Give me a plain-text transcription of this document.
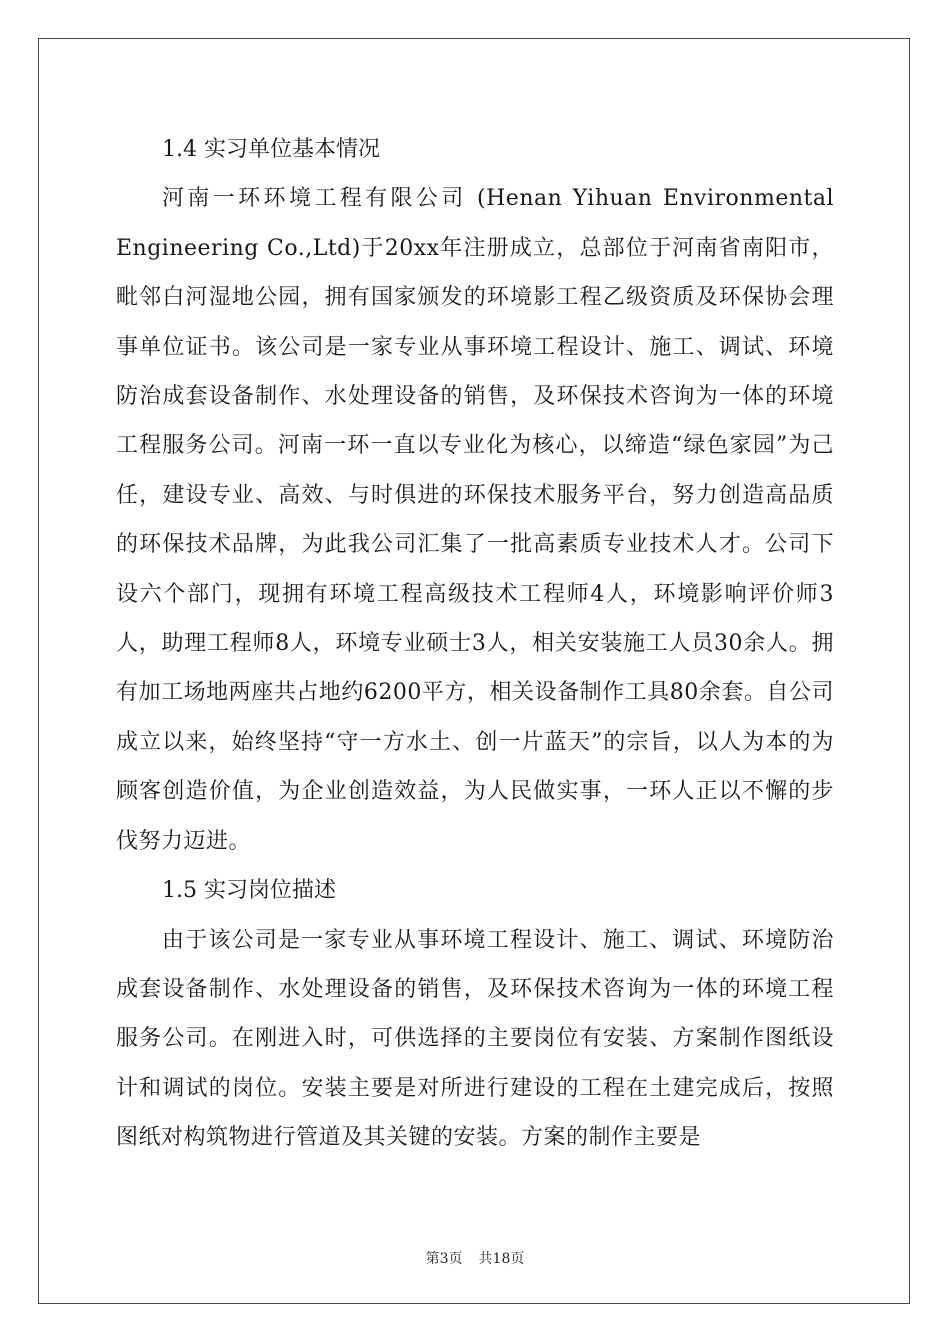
1.4 实习单位基本情况

河南一环环境工程有限公司 (Henan Yihuan Environmental Engineering Co.,Ltd)于20xx年注册成立，总部位于河南省南阳市，毗邻白河湿地公园，拥有国家颁发的环境影工程乙级资质及环保协会理事单位证书。该公司是一家专业从事环境工程设计、施工、调试、环境防治成套设备制作、水处理设备的销售，及环保技术咨询为一体的环境工程服务公司。河南一环一直以专业化为核心，以缔造“绿色家园”为己任，建设专业、高效、与时俱进的环保技术服务平台，努力创造高品质的环保技术品牌，为此我公司汇集了一批高素质专业技术人才。公司下设六个部门，现拥有环境工程高级技术工程师4人，环境影响评价师3人，助理工程师8人，环境专业硕士3人，相关安装施工人员30余人。拥有加工场地两座共占地约6200平方，相关设备制作工具80余套。自公司成立以来，始终坚持“守一方水土、创一片蓝天”的宗旨，以人为本的为顾客创造价值，为企业创造效益，为人民做实事，一环人正以不懈的步伐努力迈进。

1.5 实习岗位描述

由于该公司是一家专业从事环境工程设计、施工、调试、环境防治成套设备制作、水处理设备的销售，及环保技术咨询为一体的环境工程服务公司。在刚进入时，可供选择的主要岗位有安装、方案制作图纸设计和调试的岗位。安装主要是对所进行建设的工程在土建完成后，按照图纸对构筑物进行管道及其关键的安装。方案的制作主要是

第3页 共18页
